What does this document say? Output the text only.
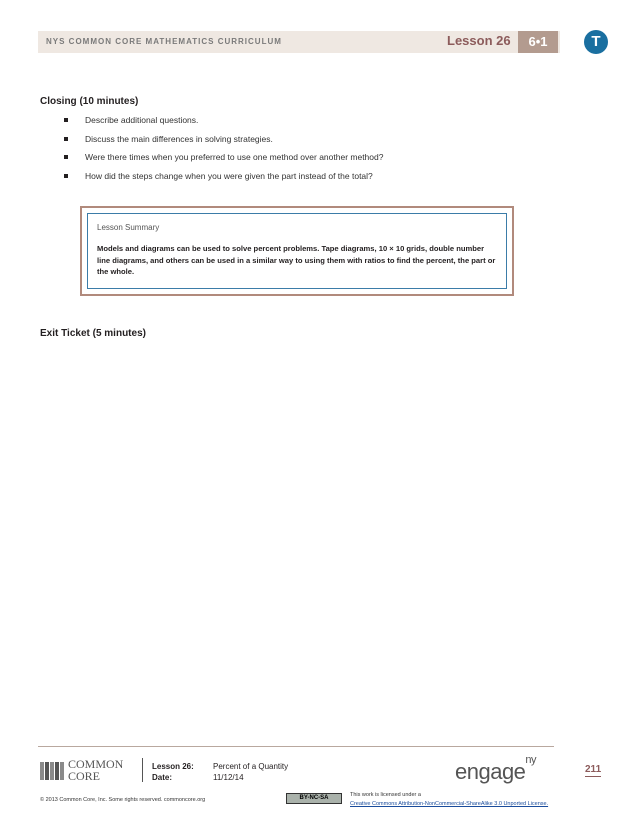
NYS COMMON CORE MATHEMATICS CURRICULUM	Lesson 26	6•1	T
Closing (10 minutes)
Describe additional questions.
Discuss the main differences in solving strategies.
Were there times when you preferred to use one method over another method?
How did the steps change when you were given the part instead of the total?
Lesson Summary
Models and diagrams can be used to solve percent problems. Tape diagrams, 10 × 10 grids, double number line diagrams, and others can be used in a similar way to using them with ratios to find the percent, the part or the whole.
Exit Ticket (5 minutes)
COMMON
CORE
Lesson 26: Percent of a Quantity
Date:	11/12/14	engage$^{ny}$
211
© 2013 Common Core, Inc. Some rights reserved. commoncore.org	BY-NC-SA	This work is licensed under a
Creative Commons Attribution-NonCommercial-ShareAlike 3.0 Unported License.
